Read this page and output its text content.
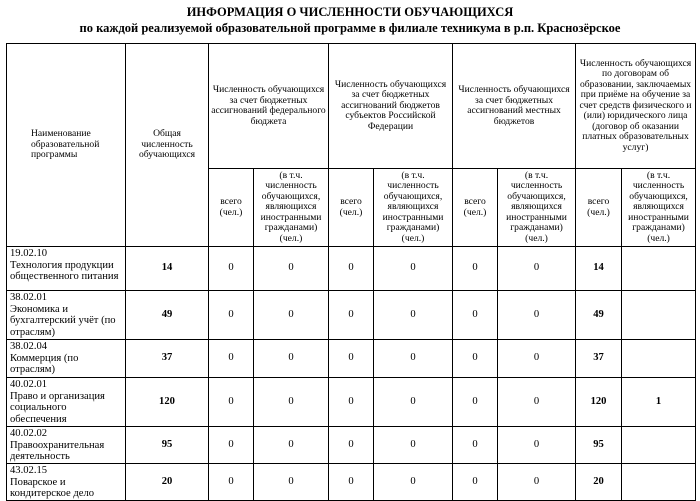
ИНФОРМАЦИЯ О ЧИСЛЕННОСТИ ОБУЧАЮЩИХСЯ
по каждой реализуемой образовательной программе в филиале техникума в р.п. Краснозёрское
Наименование образовательной программы	Общая численность обучающихся	Численность обучающихся за счет бюджетных ассигнований федерального бюджета		Численность обучающихся за счет бюджетных ассигнований бюджетов субъектов Российской Федерации		Численность обучающихся за счет бюджетных ассигнований местных бюджетов		Численность обучающихся по договорам об образовании, заключаемых при приёме на обучение за счет средств физического и (или) юридического лица (договор об оказании платных образовательных услуг)	
		всего (чел.)	(в т.ч. численность обучающихся, являющихся иностранными гражданами) (чел.)	всего (чел.)	(в т.ч. численность обучающихся, являющихся иностранными гражданами) (чел.)	всего (чел.)	(в т.ч. численность обучающихся, являющихся иностранными гражданами) (чел.)	всего (чел.)	(в т.ч. численность обучающихся, являющихся иностранными гражданами) (чел.)

19.02.10
Технология продукции общественного питания	14	0	0	0	0	0	0	14	

38.02.01
Экономика и бухгалтерский учёт (по отраслям)	49	0	0	0	0	0	0	49	

38.02.04
Коммерция (по отраслям)	37	0	0	0	0	0	0	37	

40.02.01
Право и организация социального обеспечения	120	0	0	0	0	0	0	120	1

40.02.02
Правоохранительная деятельность	95	0	0	0	0	0	0	95	

43.02.15
Поварское и кондитерское дело	20	0	0	0	0	0	0	20	
